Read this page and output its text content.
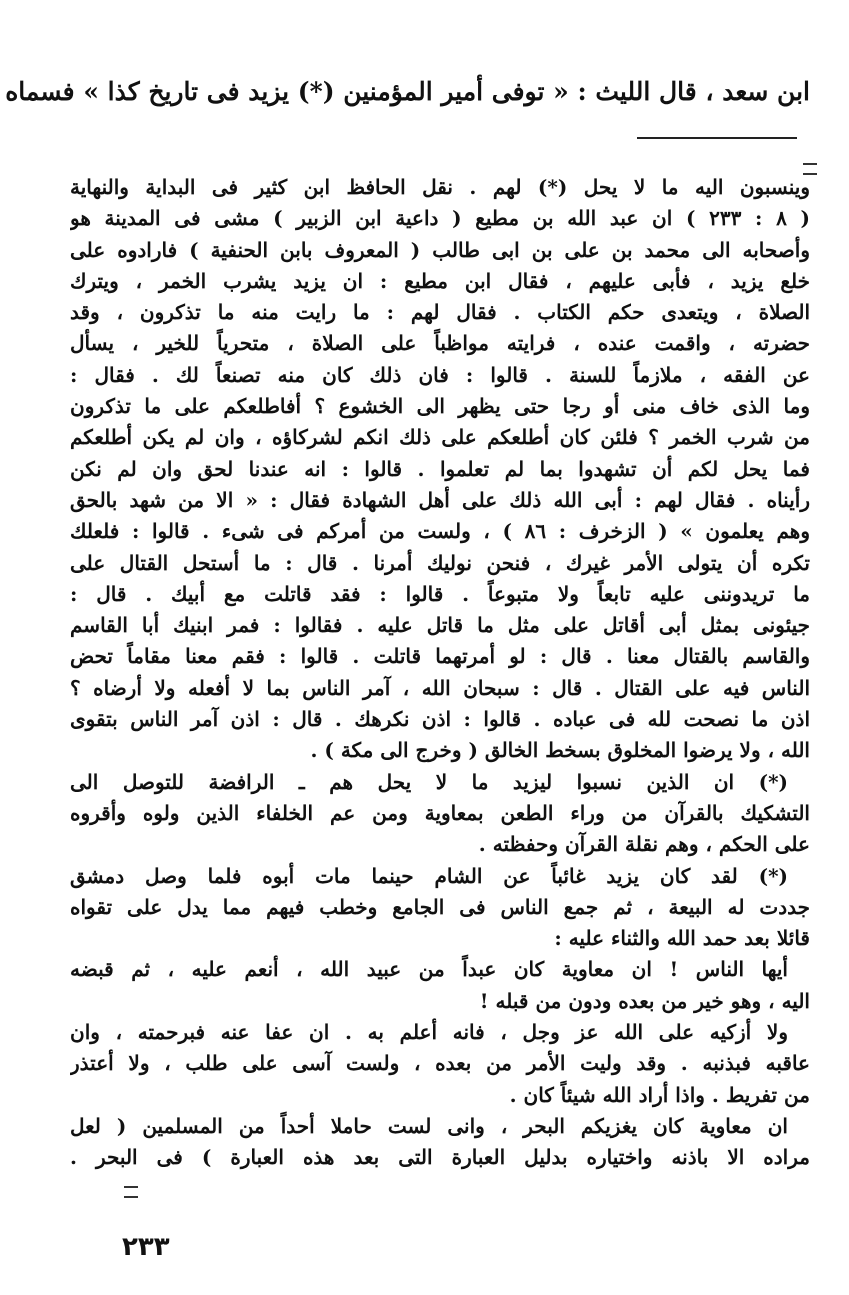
ابن سعد ، قال الليث : « توفى أمير المؤمنين (*) يزيد فى تاريخ كذا » فسماه
وينسبون اليه ما لا يحل (*) لهم . نقل الحافظ ابن كثير فى البداية والنهاية
( ٨ : ٢٣٣ ) ان عبد الله بن مطيع ( داعية ابن الزبير ) مشى فى المدينة هو
وأصحابه الى محمد بن على بن ابى طالب ( المعروف بابن الحنفية ) فارادوه على
خلع يزيد ، فأبى عليهم ، فقال ابن مطيع : ان يزيد يشرب الخمر ، ويترك
الصلاة ، ويتعدى حكم الكتاب . فقال لهم : ما رايت منه ما تذكرون ، وقد
حضرته ، واقمت عنده ، فرايته مواظباً على الصلاة ، متحرياً للخير ، يسأل
عن الفقه ، ملازماً للسنة . قالوا : فان ذلك كان منه تصنعاً لك . فقال :
وما الذى خاف منى أو رجا حتى يظهر الى الخشوع ؟ أفاطلعكم على ما تذكرون
من شرب الخمر ؟ فلئن كان أطلعكم على ذلك انكم لشركاؤه ، وان لم يكن أطلعكم
فما يحل لكم أن تشهدوا بما لم تعلموا . قالوا : انه عندنا لحق وان لم نكن
رأيناه . فقال لهم : أبى الله ذلك على أهل الشهادة فقال : « الا من شهد بالحق
وهم يعلمون » ( الزخرف : ٨٦ ) ، ولست من أمركم فى شىء . قالوا : فلعلك
تكره أن يتولى الأمر غيرك ، فنحن نوليك أمرنا . قال : ما أستحل القتال على
ما تريدوننى عليه تابعاً ولا متبوعاً . قالوا : فقد قاتلت مع أبيك . قال :
جيئونى بمثل أبى أقاتل على مثل ما قاتل عليه . فقالوا : فمر ابنيك أبا القاسم
والقاسم بالقتال معنا . قال : لو أمرتهما قاتلت . قالوا : فقم معنا مقاماً تحض
الناس فيه على القتال . قال : سبحان الله ، آمر الناس بما لا أفعله ولا أرضاه ؟
اذن ما نصحت لله فى عباده . قالوا : اذن نكرهك . قال : اذن آمر الناس بتقوى
الله ، ولا يرضوا المخلوق بسخط الخالق ( وخرج الى مكة ) .
(*) ان الذين نسبوا ليزيد ما لا يحل هم ـ الرافضة للتوصل الى
التشكيك بالقرآن من وراء الطعن بمعاوية ومن عم الخلفاء الذين ولوه وأقروه
على الحكم ، وهم نقلة القرآن وحفظته .
(*) لقد كان يزيد غائباً عن الشام حينما مات أبوه فلما وصل دمشق
جددت له البيعة ، ثم جمع الناس فى الجامع وخطب فيهم مما يدل على تقواه
قائلا بعد حمد الله والثناء عليه :
أيها الناس ! ان معاوية كان عبداً من عبيد الله ، أنعم عليه ، ثم قبضه
اليه ، وهو خير من بعده ودون من قبله !
ولا أزكيه على الله عز وجل ، فانه أعلم به . ان عفا عنه فبرحمته ، وان
عاقبه فبذنبه . وقد وليت الأمر من بعده ، ولست آسى على طلب ، ولا أعتذر
من تفريط . واذا أراد الله شيئاً كان .
ان معاوية كان يغزيكم البحر ، وانى لست حاملا أحداً من المسلمين ( لعل
مراده الا باذنه واختياره بدليل العبارة التى بعد هذه العبارة ) فى البحر .
٢٣٣
